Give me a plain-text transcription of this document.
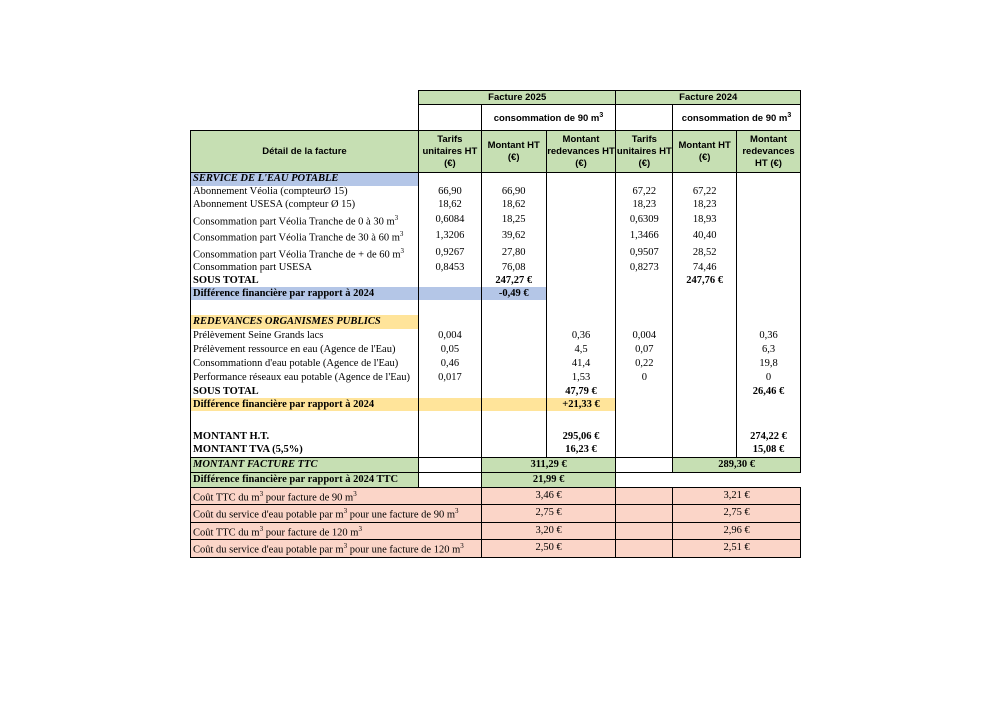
Facture 2025		Facture 2024	
	consommation de 90 $m^3$		consommation de 90 $m^3$
Détail de la facture	Tarifs unitaires HT (€)	Montant HT (€)	Montant redevances HT (€)	Tarifs unitaires HT (€)	Montant HT (€)	Montant redevances HT (€)
SERVICE DE L'EAU POTABLE						
Abonnement Véolia (compteurØ 15)	66,90	66,90		67,22	67,22	
Abonnement USESA (compteur Ø 15)	18,62	18,62		18,23	18,23	
Consommation part Véolia Tranche de 0 à 30 $m^3$	0,6084	18,25		0,6309	18,93	
Consommation part Véolia Tranche de 30 à 60 $m^3$	1,3206	39,62		1,3466	40,40	
Consommation part Véolia Tranche de + de 60 $m^3$	0,9267	27,80		0,9507	28,52	
Consommation part USESA	0,8453	76,08		0,8273	74,46	
SOUS TOTAL		247,27 €			247,76 €	
Différence financière par rapport à 2024		-0,49 €				

REDEVANCES ORGANISMES PUBLICS						
Prélèvement Seine Grands lacs	0,004		0,36	0,004		0,36
Prélèvement ressource en eau (Agence de l'Eau)	0,05		4,5	0,07		6,3
Consommationn d'eau potable (Agence de l'Eau)	0,46		41,4	0,22		19,8
Performance réseaux eau potable (Agence de l'Eau)	0,017		1,53	0		0
SOUS TOTAL			47,79 €			26,46 €
Différence financière par rapport à 2024			+21,33 €			

MONTANT H.T.			295,06 €			274,22 €
MONTANT TVA (5,5%)			16,23 €			15,08 €
MONTANT FACTURE TTC		311,29 €			289,30 €	
Différence financière par rapport à 2024 TTC		21,99 €				
Coût TTC du $m^3$ pour facture de 90 $m^3$		3,46 €			3,21 €	
Coût du service d'eau potable par $m^3$ pour une facture de 90 $m^3$		2,75 €			2,75 €	
Coût TTC du $m^3$ pour facture de 120 $m^3$		3,20 €			2,96 €	
Coût du service d'eau potable par $m^3$ pour une facture de 120 $m^3$		2,50 €			2,51 €	
